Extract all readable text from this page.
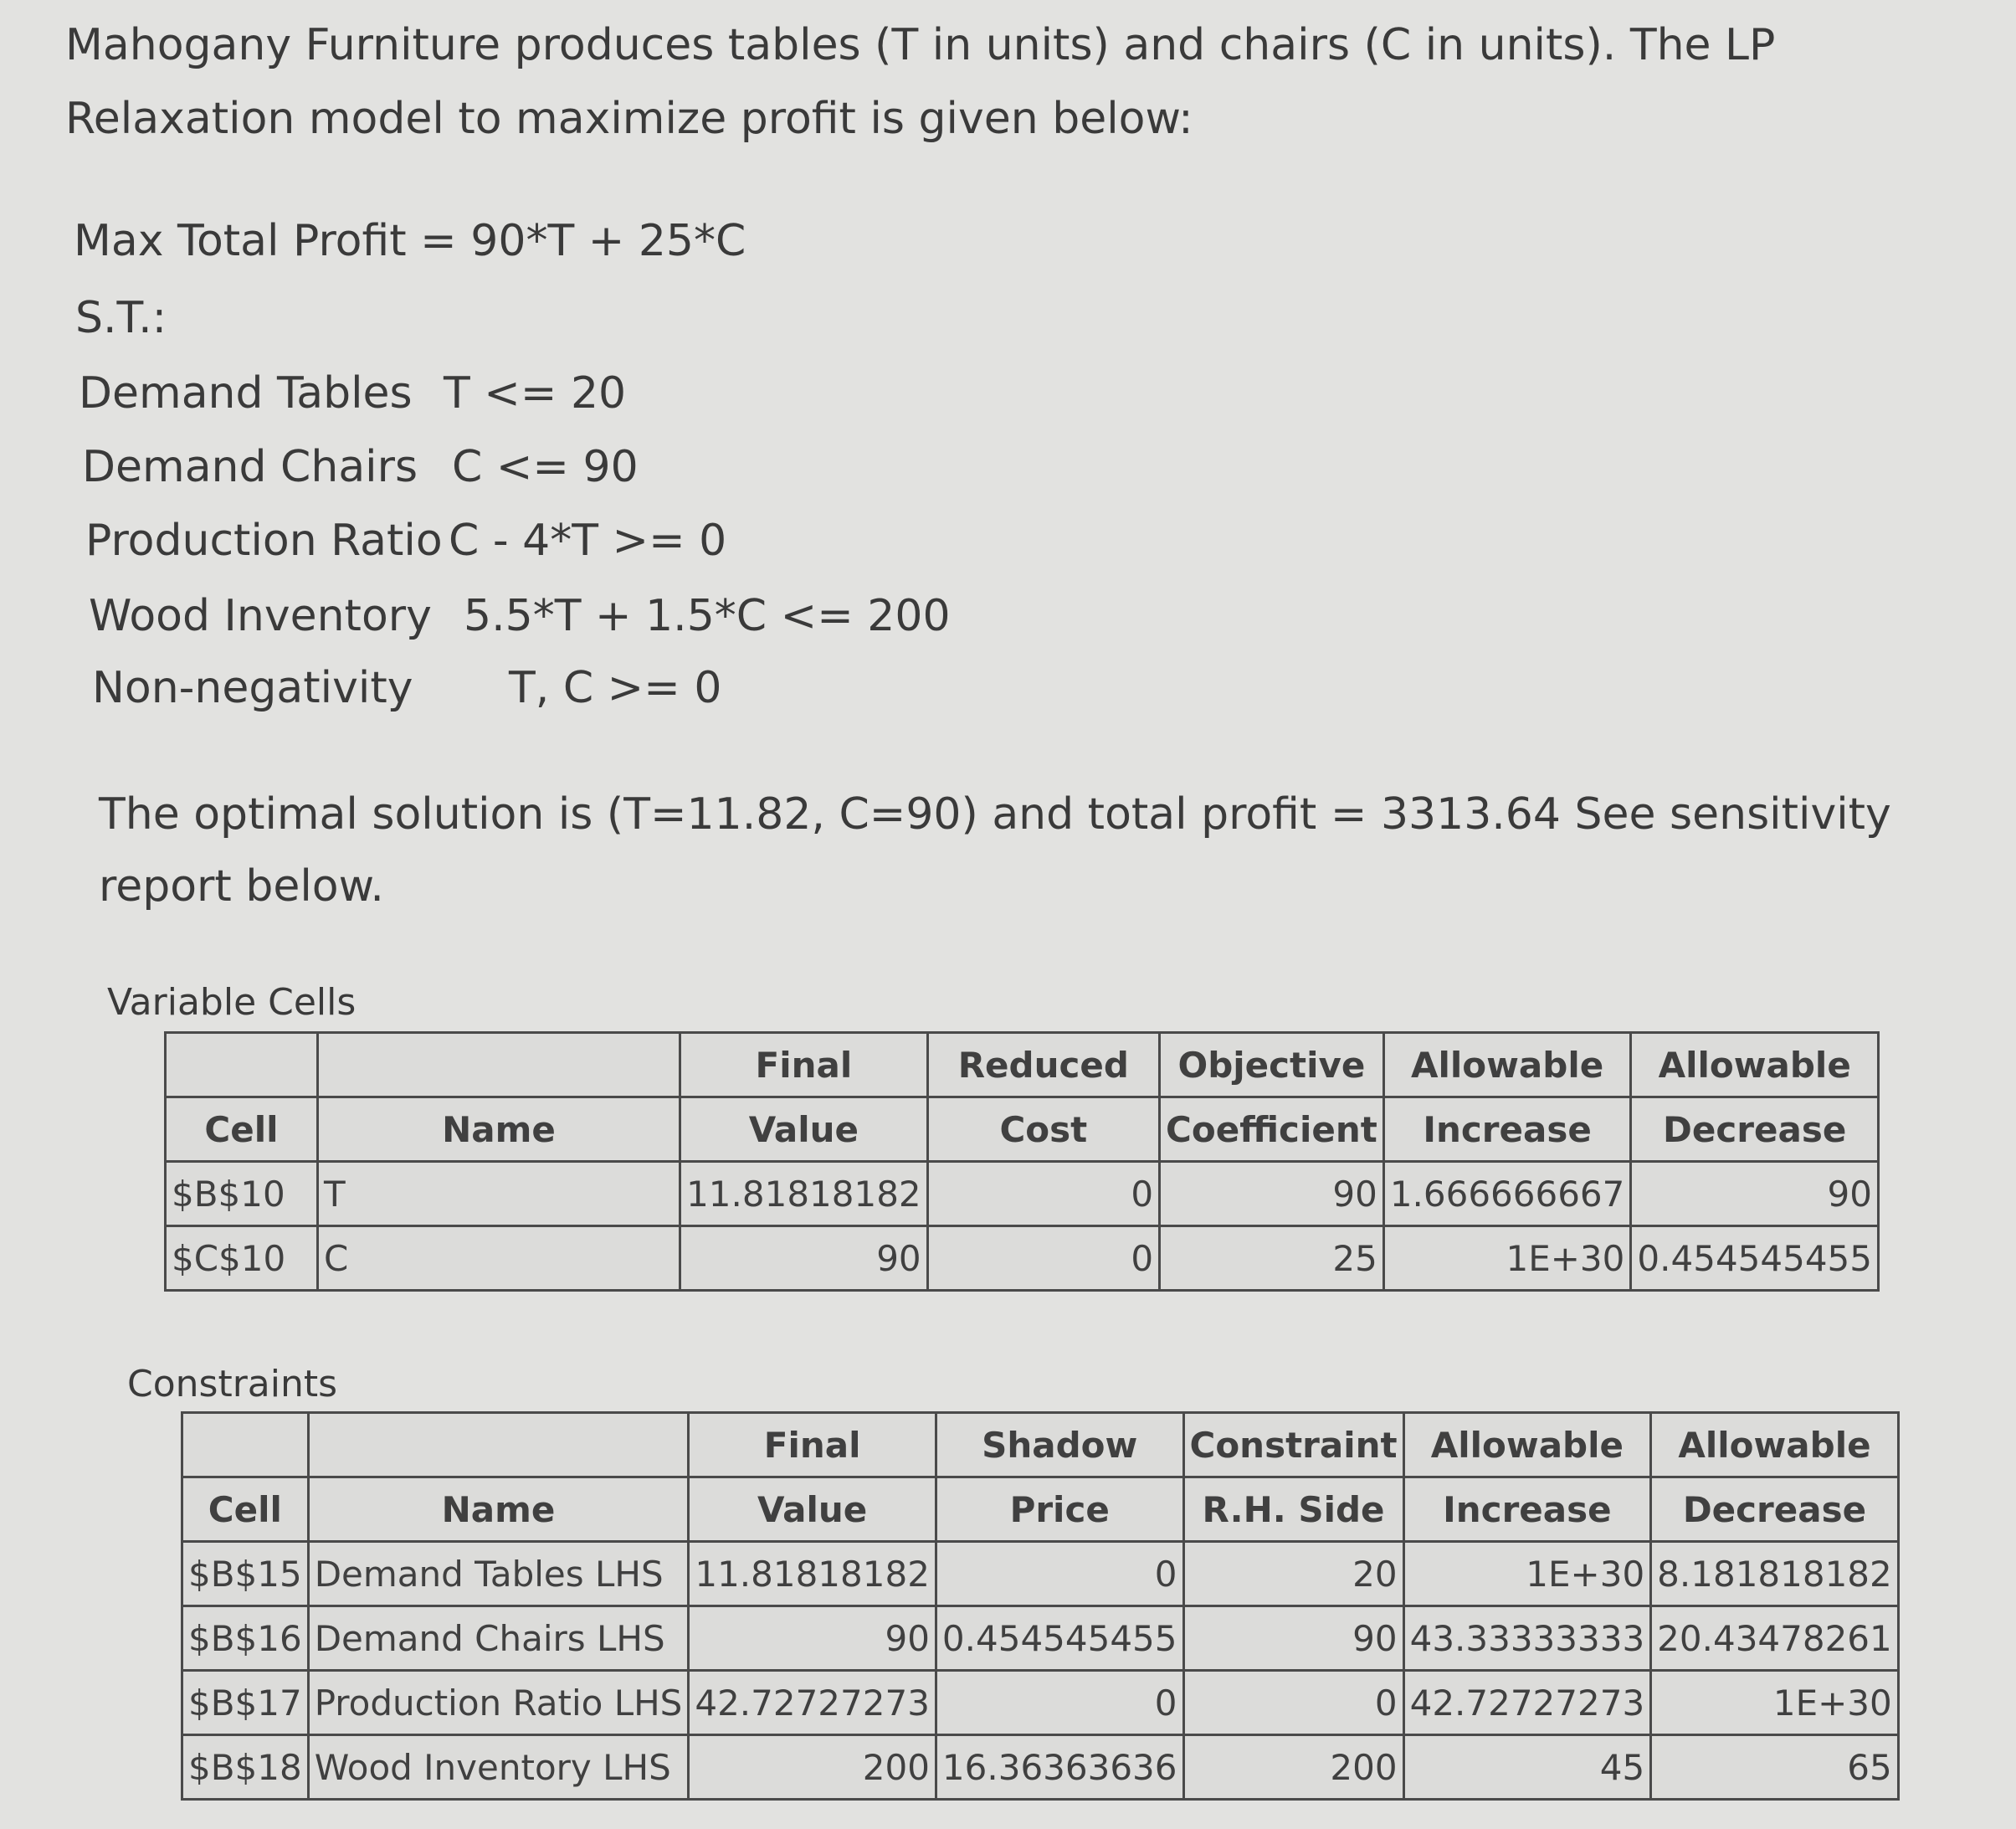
Mahogany Furniture produces tables (T in units) and chairs (C in units). The LP Relaxation model to maximize profit is given below:
Max Total Profit = 90*T + 25*C
S.T.:
Demand Tables T <= 20
Demand Chairs C <= 90
Production Ratio C - 4*T >= 0
Wood Inventory 5.5*T + 1.5*C <= 200
Non-negativity T, C >= 0
The optimal solution is (T=11.82, C=90) and total profit = 3313.64 See sensitivity report below.
Variable Cells
		Final	Reduced	Objective	Allowable	Allowable
Cell	Name	Value	Cost	Coefficient	Increase	Decrease
$B$10	T	11.81818182	0	90	1.666666667	90
$C$10	C	90	0	25	1E+30	0.454545455
Constraints
		Final	Shadow	Constraint	Allowable	Allowable
Cell	Name	Value	Price	R.H. Side	Increase	Decrease
$B$15	Demand Tables LHS	11.81818182	0	20	1E+30	8.181818182
$B$16	Demand Chairs LHS	90	0.454545455	90	43.33333333	20.43478261
$B$17	Production Ratio LHS	42.72727273	0	0	42.72727273	1E+30
$B$18	Wood Inventory LHS	200	16.36363636	200	45	65
